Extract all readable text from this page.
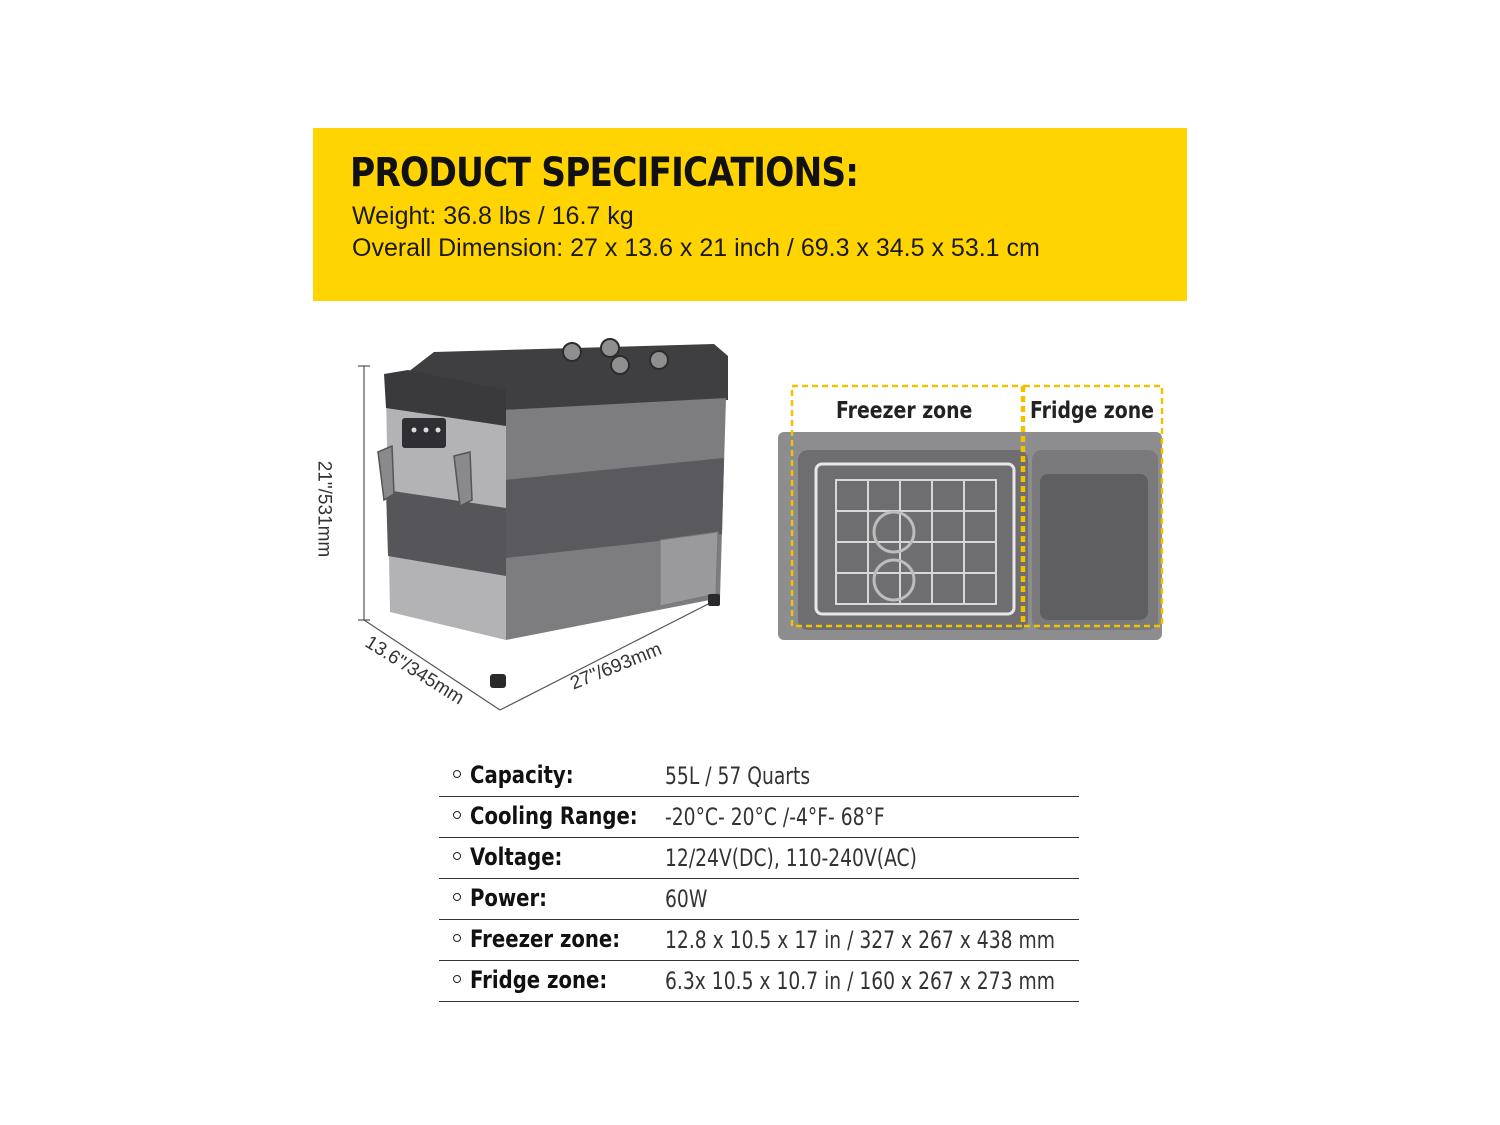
PRODUCT SPECIFICATIONS:
Weight: 36.8 lbs / 16.7 kg
Overall Dimension: 27 x 13.6 x 21 inch / 69.3 x 34.5 x 53.1 cm
21"/531mm
13.6"/345mm	27"/693mm
Freezer zone	Fridge zone
Capacity:	55L / 57 Quarts
Cooling Range: -20°C- 20°C /-4°F- 68°F
Voltage:	12/24V(DC), 110-240V(AC)
Power:	60W
Freezer zone: 12.8 x 10.5 x 17 in / 327 x 267 x 438 mm
Fridge zone: 6.3x 10.5 x 10.7 in / 160 x 267 x 273 mm
